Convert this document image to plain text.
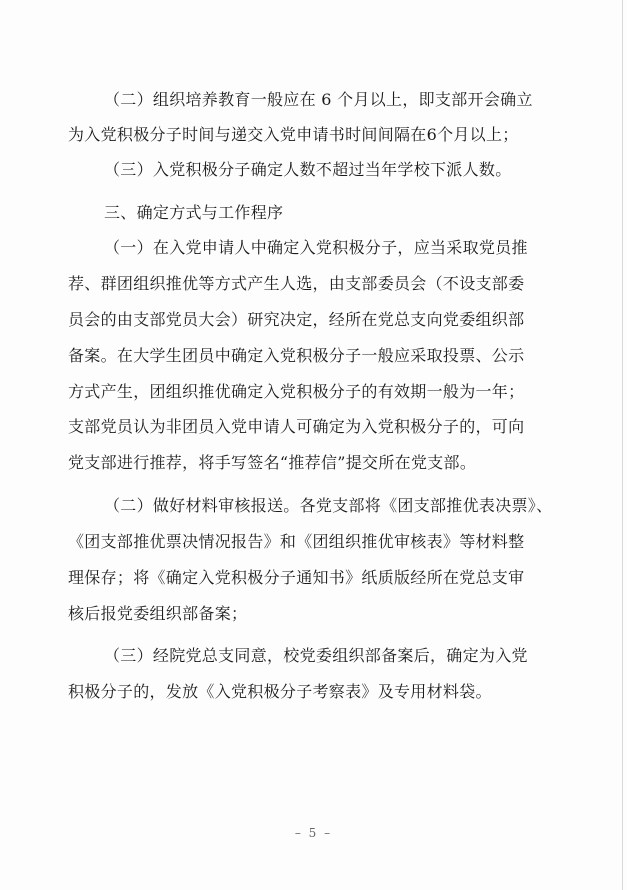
（二）组织培养教育一般应在 6 个月以上，即支部开会确立
为入党积极分子时间与递交入党申请书时间间隔在6个月以上；
（三）入党积极分子确定人数不超过当年学校下派人数。
三、确定方式与工作程序
（一）在入党申请人中确定入党积极分子，应当采取党员推
荐、群团组织推优等方式产生人选，由支部委员会（不设支部委
员会的由支部党员大会）研究决定，经所在党总支向党委组织部
备案。在大学生团员中确定入党积极分子一般应采取投票、公示
方式产生，团组织推优确定入党积极分子的有效期一般为一年；
支部党员认为非团员入党申请人可确定为入党积极分子的，可向
党支部进行推荐，将手写签名“推荐信”提交所在党支部。
（二）做好材料审核报送。各党支部将《团支部推优表决票》、
《团支部推优票决情况报告》和《团组织推优审核表》等材料整
理保存；将《确定入党积极分子通知书》纸质版经所在党总支审
核后报党委组织部备案；
（三）经院党总支同意，校党委组织部备案后，确定为入党
积极分子的，发放《入党积极分子考察表》及专用材料袋。
– 5 –
